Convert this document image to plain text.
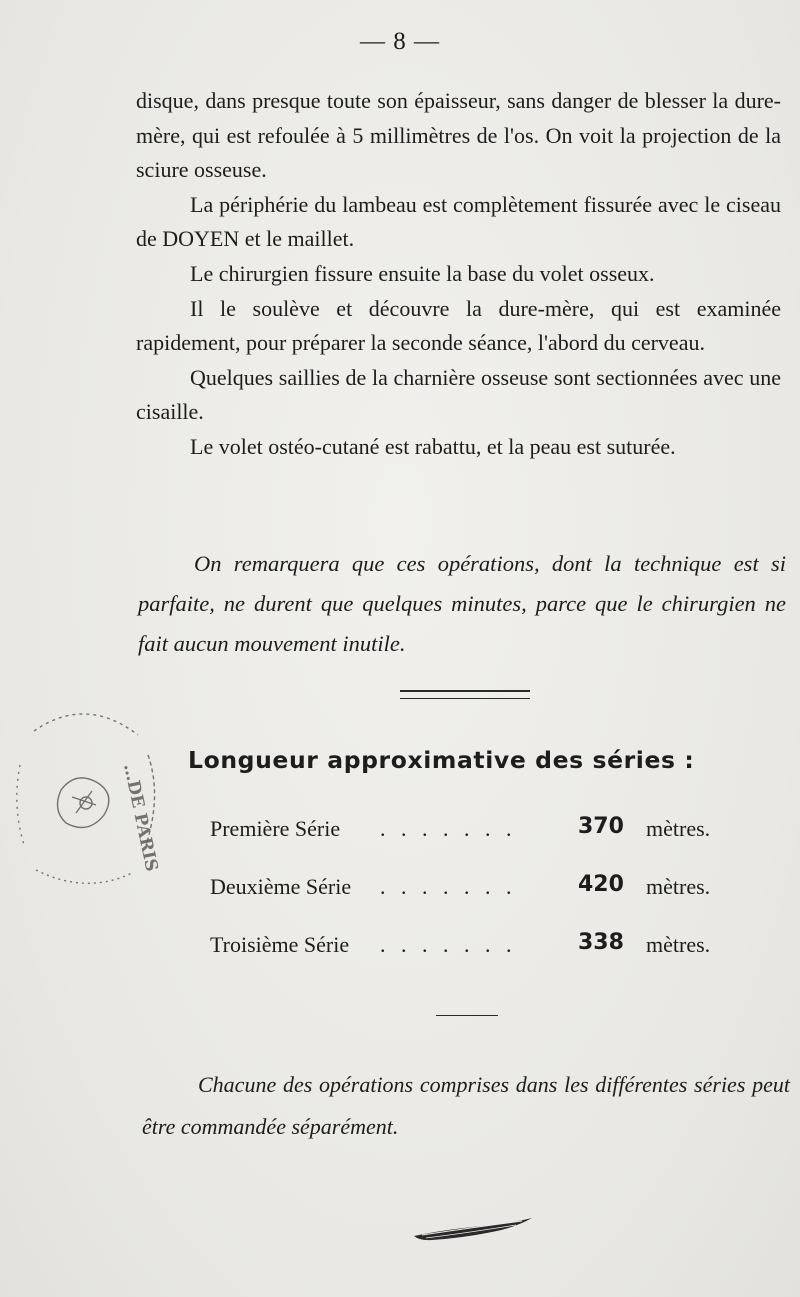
— 8 —

disque, dans presque toute son épaisseur, sans danger de blesser la dure-mère, qui est refoulée à 5 millimètres de l'os. On voit la projection de la sciure osseuse.

La périphérie du lambeau est complètement fissurée avec le ciseau de DOYEN et le maillet.

Le chirurgien fissure ensuite la base du volet osseux.

Il le soulève et découvre la dure-mère, qui est examinée rapidement, pour préparer la seconde séance, l'abord du cerveau.

Quelques saillies de la charnière osseuse sont sectionnées avec une cisaille.

Le volet ostéo-cutané est rabattu, et la peau est suturée.

On remarquera que ces opérations, dont la technique est si parfaite, ne durent que quelques minutes, parce que le chirurgien ne fait aucun mouvement inutile.

…DE PARIS
Longueur approximative des séries :
Première Série . . . . . . .	370 mètres.
Deuxième Série . . . . . . .	420 mètres.
Troisième Série . . . . . . .	338 mètres.

Chacune des opérations comprises dans les différentes séries peut être commandée séparément.
